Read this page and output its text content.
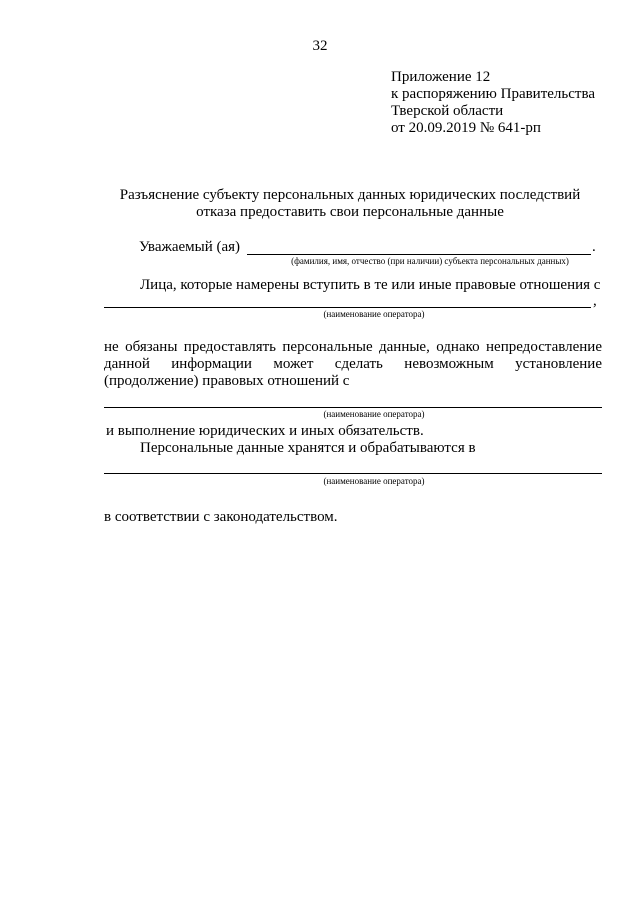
32
Приложение 12
к распоряжению Правительства
Тверской области
от 20.09.2019 № 641-рп
Разъяснение субъекту персональных данных юридических последствий
отказа предоставить свои персональные данные
Уважаемый (ая)	.
(фамилия, имя, отчество (при наличии) субъекта персональных данных)
Лица, которые намерены вступить в те или иные правовые отношения с
,
(наименование оператора)
не обязаны предоставлять персональные данные, однако непредоставление
данной информации может сделать невозможным установление
(продолжение) правовых отношений с
(наименование оператора)
и выполнение юридических и иных обязательств.
Персональные данные хранятся и обрабатываются в
(наименование оператора)
в соответствии с законодательством.
